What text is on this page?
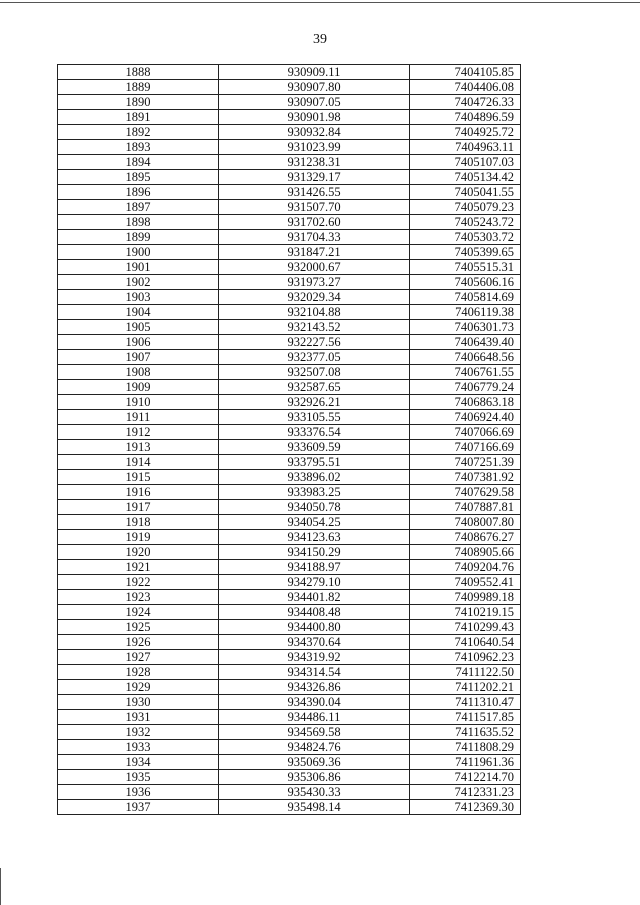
39
1888	930909.11	7404105.85
1889	930907.80	7404406.08
1890	930907.05	7404726.33
1891	930901.98	7404896.59
1892	930932.84	7404925.72
1893	931023.99	7404963.11
1894	931238.31	7405107.03
1895	931329.17	7405134.42
1896	931426.55	7405041.55
1897	931507.70	7405079.23
1898	931702.60	7405243.72
1899	931704.33	7405303.72
1900	931847.21	7405399.65
1901	932000.67	7405515.31
1902	931973.27	7405606.16
1903	932029.34	7405814.69
1904	932104.88	7406119.38
1905	932143.52	7406301.73
1906	932227.56	7406439.40
1907	932377.05	7406648.56
1908	932507.08	7406761.55
1909	932587.65	7406779.24
1910	932926.21	7406863.18
1911	933105.55	7406924.40
1912	933376.54	7407066.69
1913	933609.59	7407166.69
1914	933795.51	7407251.39
1915	933896.02	7407381.92
1916	933983.25	7407629.58
1917	934050.78	7407887.81
1918	934054.25	7408007.80
1919	934123.63	7408676.27
1920	934150.29	7408905.66
1921	934188.97	7409204.76
1922	934279.10	7409552.41
1923	934401.82	7409989.18
1924	934408.48	7410219.15
1925	934400.80	7410299.43
1926	934370.64	7410640.54
1927	934319.92	7410962.23
1928	934314.54	7411122.50
1929	934326.86	7411202.21
1930	934390.04	7411310.47
1931	934486.11	7411517.85
1932	934569.58	7411635.52
1933	934824.76	7411808.29
1934	935069.36	7411961.36
1935	935306.86	7412214.70
1936	935430.33	7412331.23
1937	935498.14	7412369.30
